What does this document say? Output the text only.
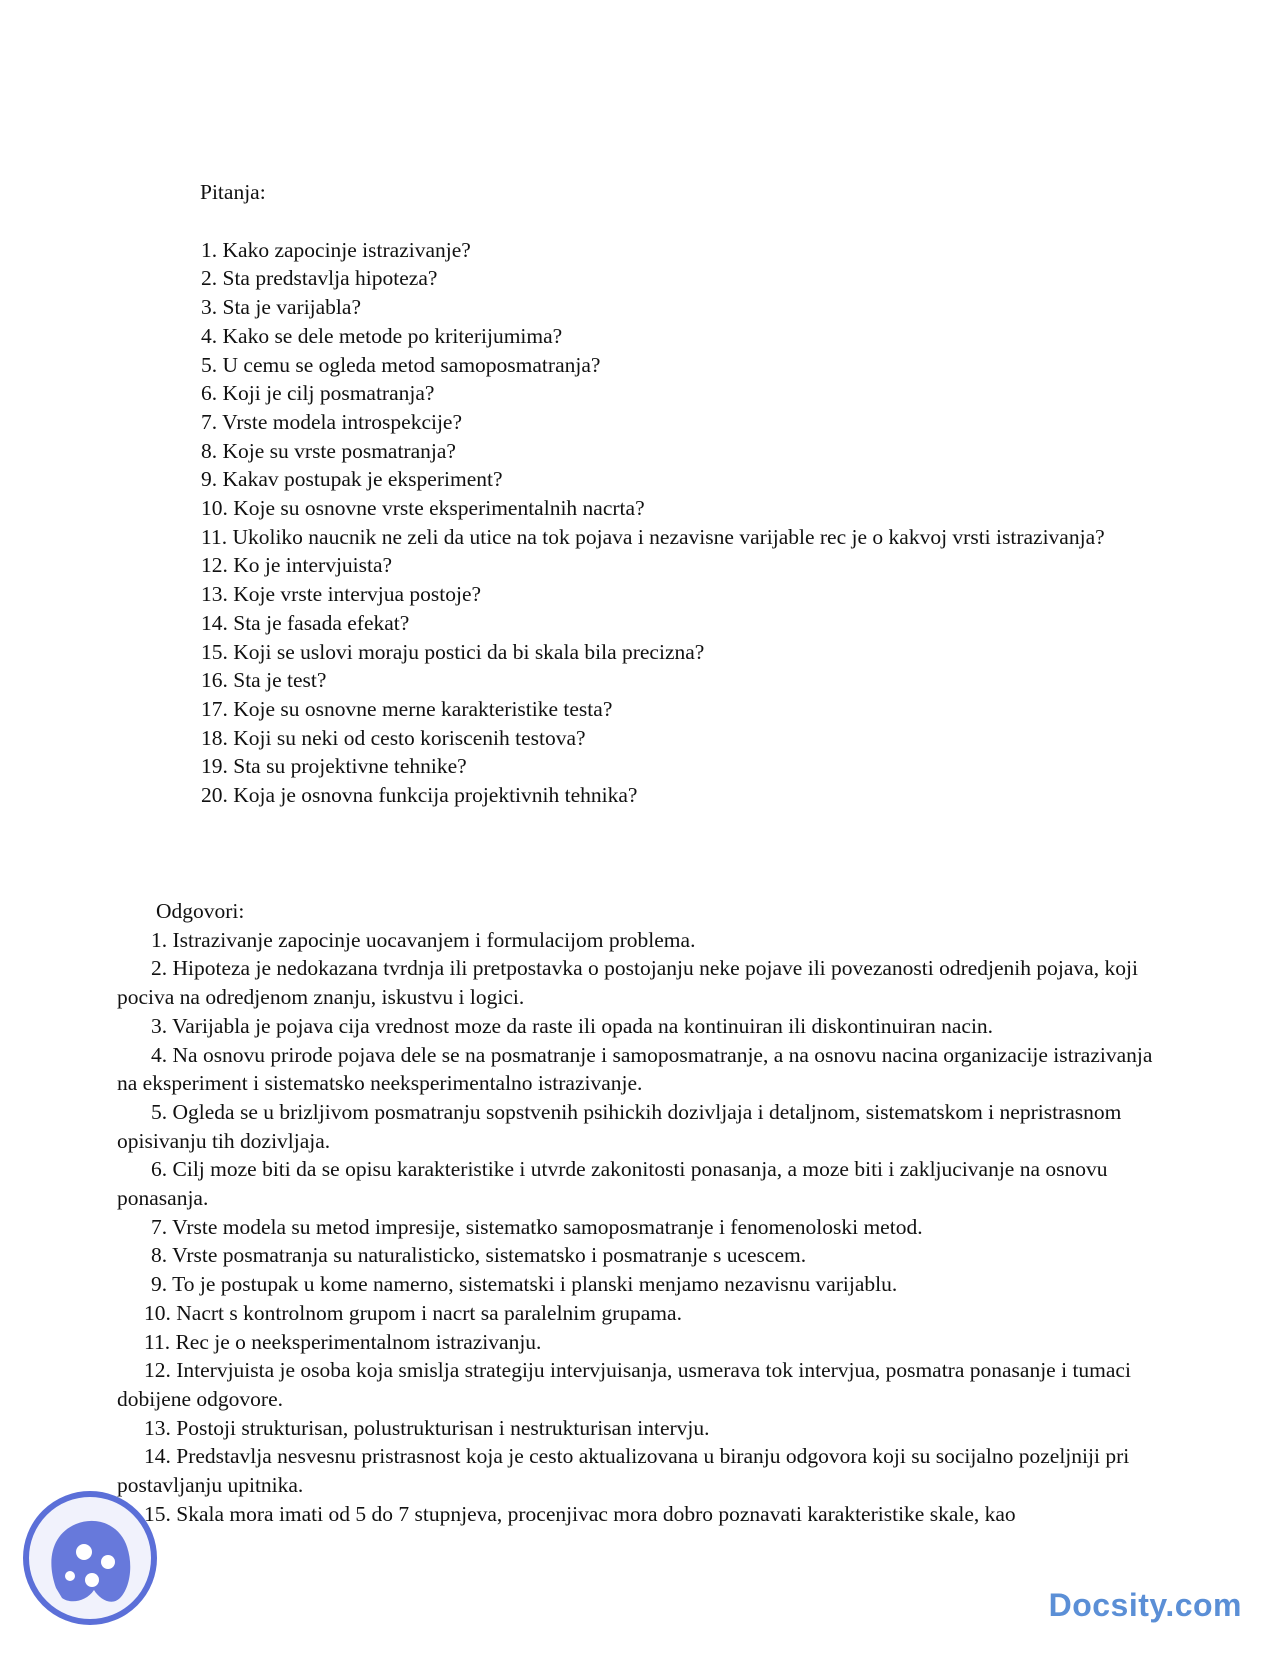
Pitanja:

1. Kako zapocinje istrazivanje?

2. Sta predstavlja hipoteza?

3. Sta je varijabla?

4. Kako se dele metode po kriterijumima?

5. U cemu se ogleda metod samoposmatranja?

6. Koji je cilj posmatranja?

7. Vrste modela introspekcije?

8. Koje su vrste posmatranja?

9. Kakav postupak je eksperiment?

10. Koje su osnovne vrste eksperimentalnih nacrta?

11. Ukoliko naucnik ne zeli da utice na tok pojava i nezavisne varijable rec je o kakvoj vrsti istrazivanja?

12. Ko je intervjuista?

13. Koje vrste intervjua postoje?

14. Sta je fasada efekat?

15. Koji se uslovi moraju postici da bi skala bila precizna?

16. Sta je test?

17. Koje su osnovne merne karakteristike testa?

18. Koji su neki od cesto koriscenih testova?

19. Sta su projektivne tehnike?

20. Koja je osnovna funkcija projektivnih tehnika?

Odgovori:

1. Istrazivanje zapocinje uocavanjem i formulacijom problema.

2. Hipoteza je nedokazana tvrdnja ili pretpostavka o postojanju neke pojave ili povezanosti odredjenih pojava, koji pociva na odredjenom znanju, iskustvu i logici.

3. Varijabla je pojava cija vrednost moze da raste ili opada na kontinuiran ili diskontinuiran nacin.

4. Na osnovu prirode pojava dele se na posmatranje i samoposmatranje, a na osnovu nacina organizacije istrazivanja na eksperiment i sistematsko neeksperimentalno istrazivanje.

5. Ogleda se u brizljivom posmatranju sopstvenih psihickih dozivljaja i detaljnom, sistematskom i nepristrasnom opisivanju tih dozivljaja.

6. Cilj moze biti da se opisu karakteristike i utvrde zakonitosti ponasanja, a moze biti i zakljucivanje na osnovu ponasanja.

7. Vrste modela su metod impresije, sistematko samoposmatranje i fenomenoloski metod.

8. Vrste posmatranja su naturalisticko, sistematsko i posmatranje s ucescem.

9. To je postupak u kome namerno, sistematski i planski menjamo nezavisnu varijablu.

10. Nacrt s kontrolnom grupom i nacrt sa paralelnim grupama.

11. Rec je o neeksperimentalnom istrazivanju.

12. Intervjuista je osoba koja smislja strategiju intervjuisanja, usmerava tok intervjua, posmatra ponasanje i tumaci dobijene odgovore.

13. Postoji strukturisan, polustrukturisan i nestrukturisan intervju.

14. Predstavlja nesvesnu pristrasnost koja je cesto aktualizovana u biranju odgovora koji su socijalno pozeljniji pri postavljanju upitnika.

15. Skala mora imati od 5 do 7 stupnjeva, procenjivac mora dobro poznavati karakteristike skale, kao

Docsity.com
